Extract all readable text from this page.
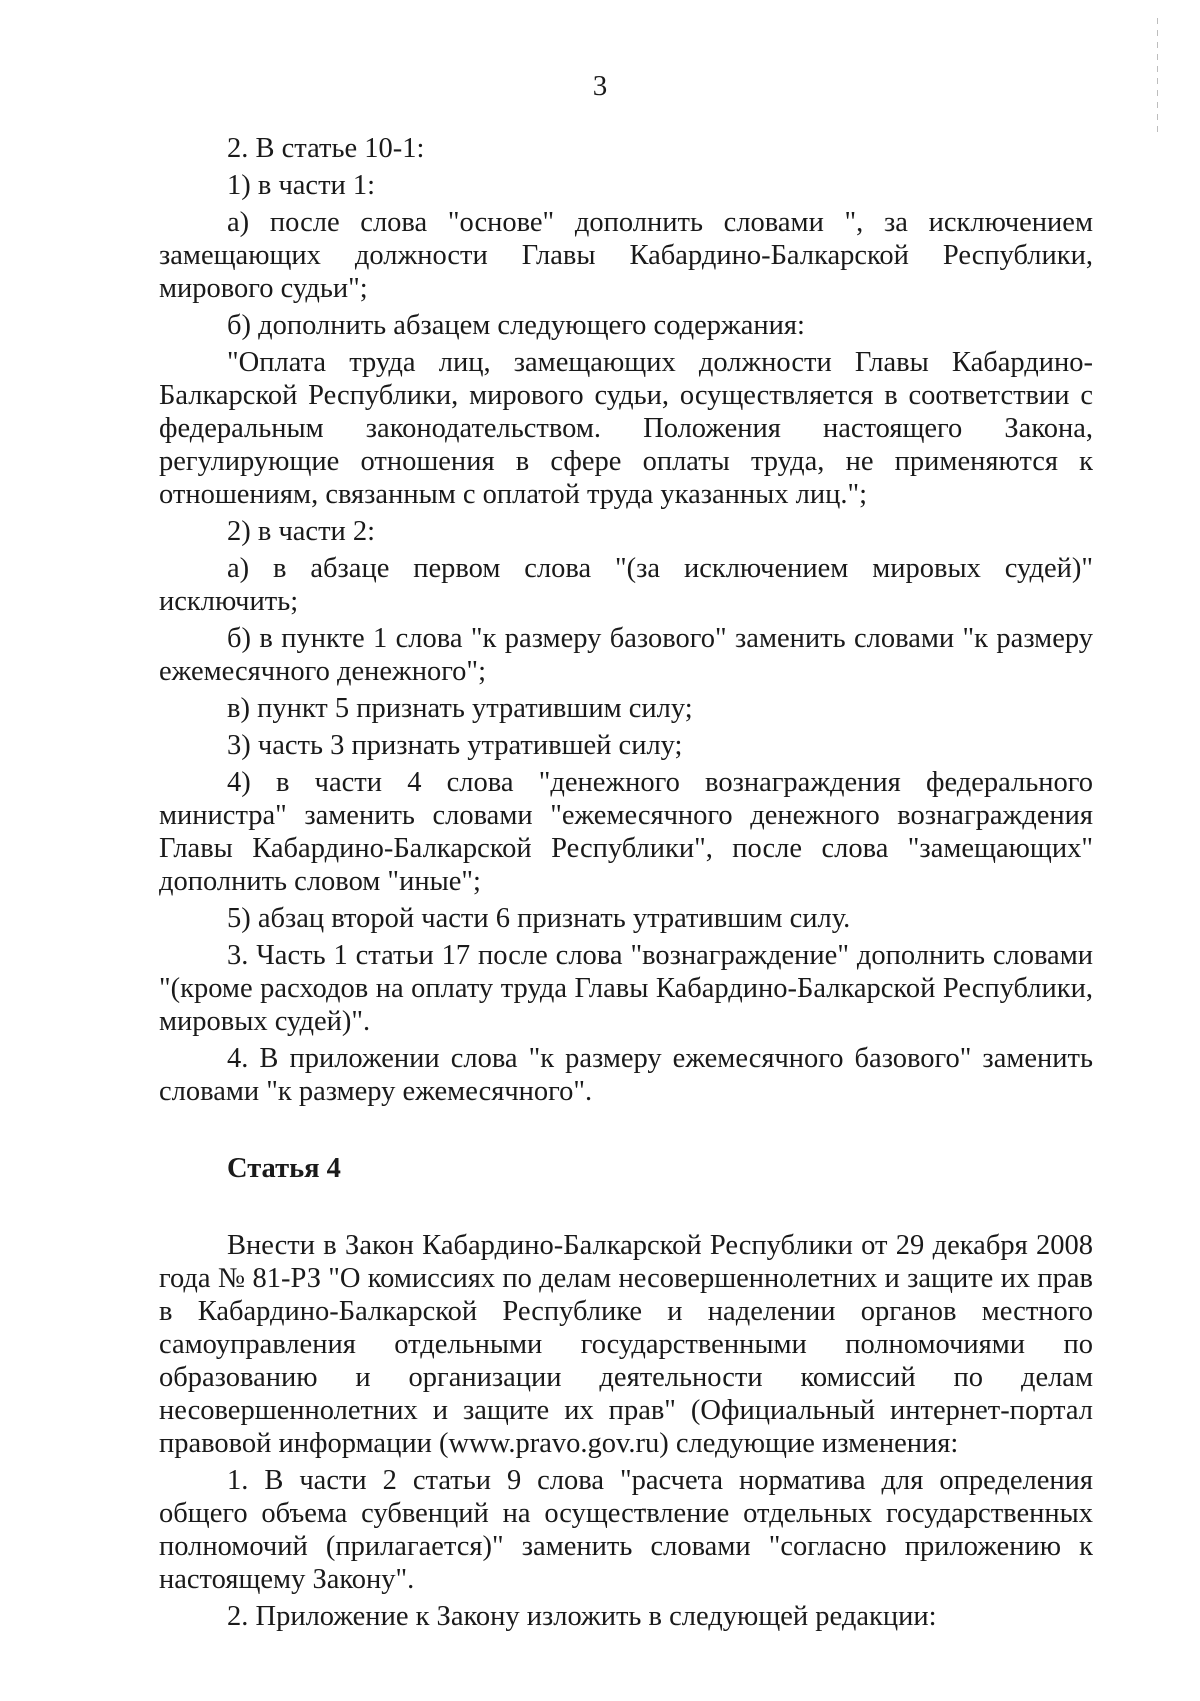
3

2. В статье 10-1:

1) в части 1:

а) после слова "основе" дополнить словами ", за исключением замещающих должности Главы Кабардино-Балкарской Республики, мирового судьи";

б) дополнить абзацем следующего содержания:

"Оплата труда лиц, замещающих должности Главы Кабардино-Балкарской Республики, мирового судьи, осуществляется в соответствии с федеральным законодательством. Положения настоящего Закона, регулирующие отношения в сфере оплаты труда, не применяются к отношениям, связанным с оплатой труда указанных лиц.";

2) в части 2:

а) в абзаце первом слова "(за исключением мировых судей)" исключить;

б) в пункте 1 слова "к размеру базового" заменить словами "к размеру ежемесячного денежного";

в) пункт 5 признать утратившим силу;

3) часть 3 признать утратившей силу;

4) в части 4 слова "денежного вознаграждения федерального министра" заменить словами "ежемесячного денежного вознаграждения Главы Кабардино-Балкарской Республики", после слова "замещающих" дополнить словом "иные";

5) абзац второй части 6 признать утратившим силу.

3. Часть 1 статьи 17 после слова "вознаграждение" дополнить словами "(кроме расходов на оплату труда Главы Кабардино-Балкарской Республики, мировых судей)".

4. В приложении слова "к размеру ежемесячного базового" заменить словами "к размеру ежемесячного".

Статья 4

Внести в Закон Кабардино-Балкарской Республики от 29 декабря 2008 года № 81-РЗ "О комиссиях по делам несовершеннолетних и защите их прав в Кабардино-Балкарской Республике и наделении органов местного самоуправления отдельными государственными полномочиями по образованию и организации деятельности комиссий по делам несовершеннолетних и защите их прав" (Официальный интернет-портал правовой информации (www.pravo.gov.ru) следующие изменения:

1. В части 2 статьи 9 слова "расчета норматива для определения общего объема субвенций на осуществление отдельных государственных полномочий (прилагается)" заменить словами "согласно приложению к настоящему Закону".

2. Приложение к Закону изложить в следующей редакции:
